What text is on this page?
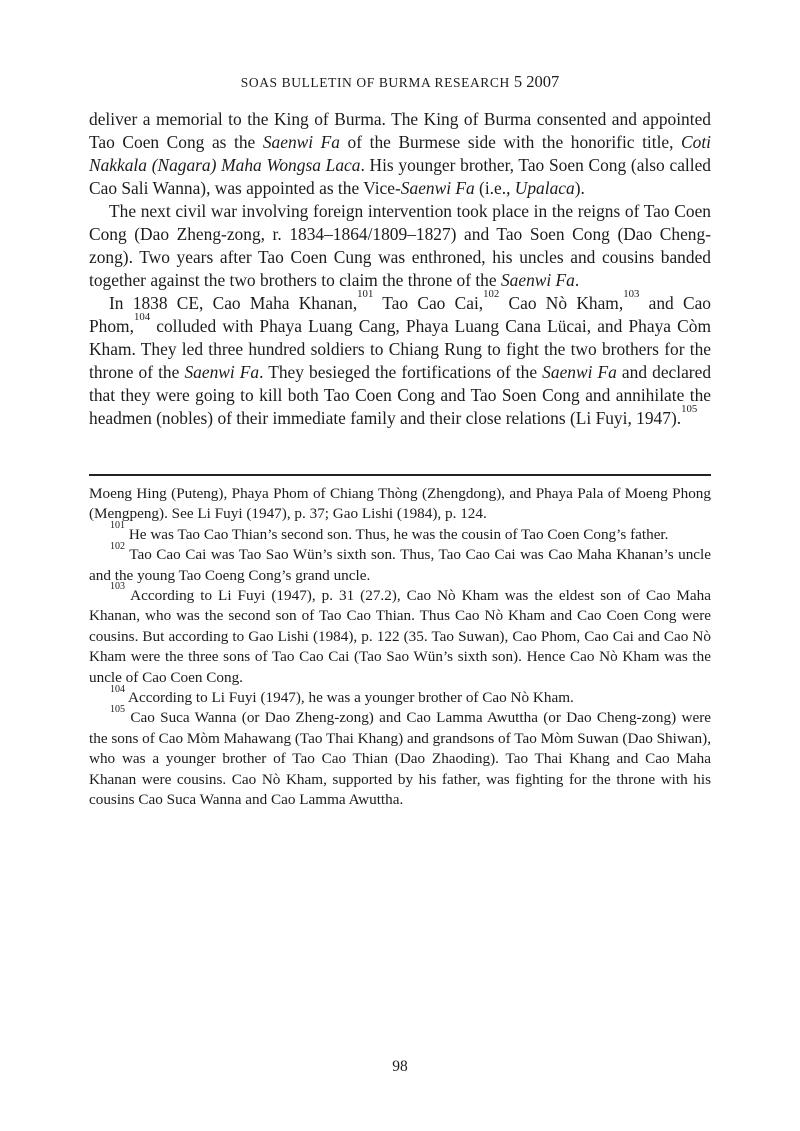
SOAS BULLETIN OF BURMA RESEARCH 5 2007

deliver a memorial to the King of Burma. The King of Burma consented and appointed Tao Coen Cong as the Saenwi Fa of the Burmese side with the honorific title, Coti Nakkala (Nagara) Maha Wongsa Laca. His younger brother, Tao Soen Cong (also called Cao Sali Wanna), was appointed as the Vice-Saenwi Fa (i.e., Upalaca).

The next civil war involving foreign intervention took place in the reigns of Tao Coen Cong (Dao Zheng-zong, r. 1834–1864/1809–1827) and Tao Soen Cong (Dao Cheng-zong). Two years after Tao Coen Cung was enthroned, his uncles and cousins banded together against the two brothers to claim the throne of the Saenwi Fa.

In 1838 CE, Cao Maha Khanan,$^{101}$ Tao Cao Cai,$^{102}$ Cao Nò Kham,$^{103}$ and Cao Phom,$^{104}$ colluded with Phaya Luang Cang, Phaya Luang Cana Lücai, and Phaya Còm Kham. They led three hundred soldiers to Chiang Rung to fight the two brothers for the throne of the Saenwi Fa. They besieged the fortifications of the Saenwi Fa and declared that they were going to kill both Tao Coen Cong and Tao Soen Cong and annihilate the headmen (nobles) of their immediate family and their close relations (Li Fuyi, 1947).$^{105}$

Moeng Hing (Puteng), Phaya Phom of Chiang Thòng (Zhengdong), and Phaya Pala of Moeng Phong (Mengpeng). See Li Fuyi (1947), p. 37; Gao Lishi (1984), p. 124.

$^{101}$ He was Tao Cao Thian’s second son. Thus, he was the cousin of Tao Coen Cong’s father.

$^{102}$ Tao Cao Cai was Tao Sao Wün’s sixth son. Thus, Tao Cao Cai was Cao Maha Khanan’s uncle and the young Tao Coeng Cong’s grand uncle.

$^{103}$ According to Li Fuyi (1947), p. 31 (27.2), Cao Nò Kham was the eldest son of Cao Maha Khanan, who was the second son of Tao Cao Thian. Thus Cao Nò Kham and Cao Coen Cong were cousins. But according to Gao Lishi (1984), p. 122 (35. Tao Suwan), Cao Phom, Cao Cai and Cao Nò Kham were the three sons of Tao Cao Cai (Tao Sao Wün’s sixth son). Hence Cao Nò Kham was the uncle of Cao Coen Cong.

$^{104}$ According to Li Fuyi (1947), he was a younger brother of Cao Nò Kham.

$^{105}$ Cao Suca Wanna (or Dao Zheng-zong) and Cao Lamma Awuttha (or Dao Cheng-zong) were the sons of Cao Mòm Mahawang (Tao Thai Khang) and grandsons of Tao Mòm Suwan (Dao Shiwan), who was a younger brother of Tao Cao Thian (Dao Zhaoding). Tao Thai Khang and Cao Maha Khanan were cousins. Cao Nò Kham, supported by his father, was fighting for the throne with his cousins Cao Suca Wanna and Cao Lamma Awuttha.

98
